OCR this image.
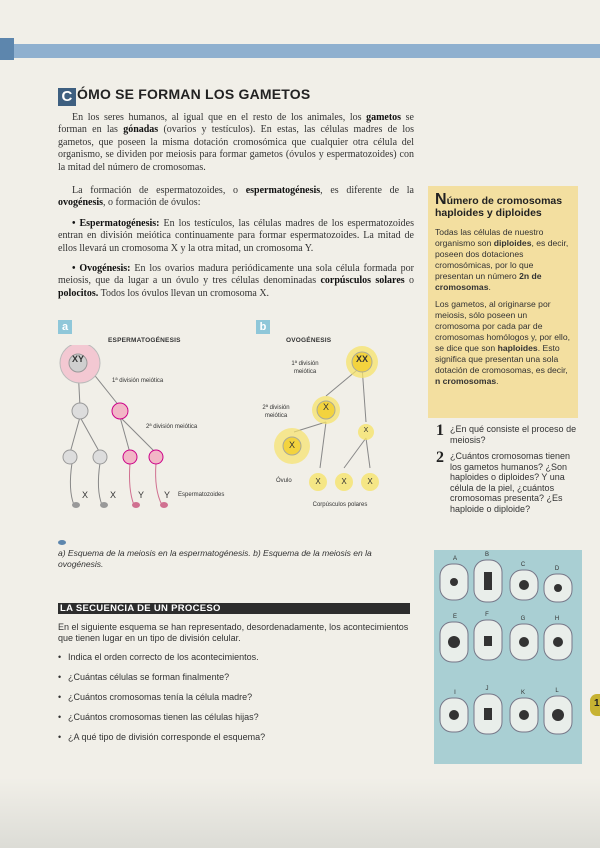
C ÓMO SE FORMAN LOS GAMETOS

En los seres humanos, al igual que en el resto de los animales, los gametos se forman en las gónadas (ovarios y testículos). En estas, las células madres de los gametos, que poseen la misma dotación cromosómica que cualquier otra célula del organismo, se dividen por meiosis para formar gametos (óvulos y espermatozoides) con la mitad del número de cromosomas.

La formación de espermatozoides, o espermatogénesis, es diferente de la ovogénesis, o formación de óvulos:

• Espermatogénesis: En los testículos, las células madres de los espermatozoides entran en división meiótica continuamente para formar espermatozoides. La mitad de ellos llevará un cromosoma X y la otra mitad, un cromosoma Y.

• Ovogénesis: En los ovarios madura periódicamente una sola célula formada por meiosis, que da lugar a un óvulo y tres células denominadas corpúsculos solares o polocitos. Todos los óvulos llevan un cromosoma X.

Número de cromosomas haploides y diploides

Todas las células de nuestro organismo son diploides, es decir, poseen dos dotaciones cromosómicas, por lo que presentan un número 2n de cromosomas.

Los gametos, al originarse por meiosis, sólo poseen un cromosoma por cada par de cromosomas homólogos y, por ello, se dice que son haploides. Esto significa que presentan una sola dotación de cromosomas, es decir, n cromosomas.

1 ¿En qué consiste el proceso de meiosis?
2 ¿Cuántos cromosomas tienen los gametos humanos? ¿Son haploides o diploides? Y una célula de la piel, ¿cuántos cromosomas presenta? ¿Es haploide o diploide?
a
ESPERMATOGÉNESIS
XY
1ª división meiótica
2ª división meiótica
Espermatozoides
X X Y Y
b
OVOGÉNESIS
XX
1ª división meiótica
2ª división meiótica
X
X
X
X	X	X
Óvulo
Corpúsculos polares
a) Esquema de la meiosis en la espermatogénesis. b) Esquema de la meiosis en la ovogénesis.
LA SECUENCIA DE UN PROCESO
En el siguiente esquema se han representado, desordenadamente, los acontecimientos que tienen lugar en un tipo de división celular.
• Indica el orden correcto de los acontecimientos.
• ¿Cuántas células se forman finalmente?
• ¿Cuántos cromosomas tenía la célula madre?
• ¿Cuántos cromosomas tienen las células hijas?
• ¿A qué tipo de división corresponde el esquema?
A
B
C
D
E	F
G	H
I
J
K	L
1
